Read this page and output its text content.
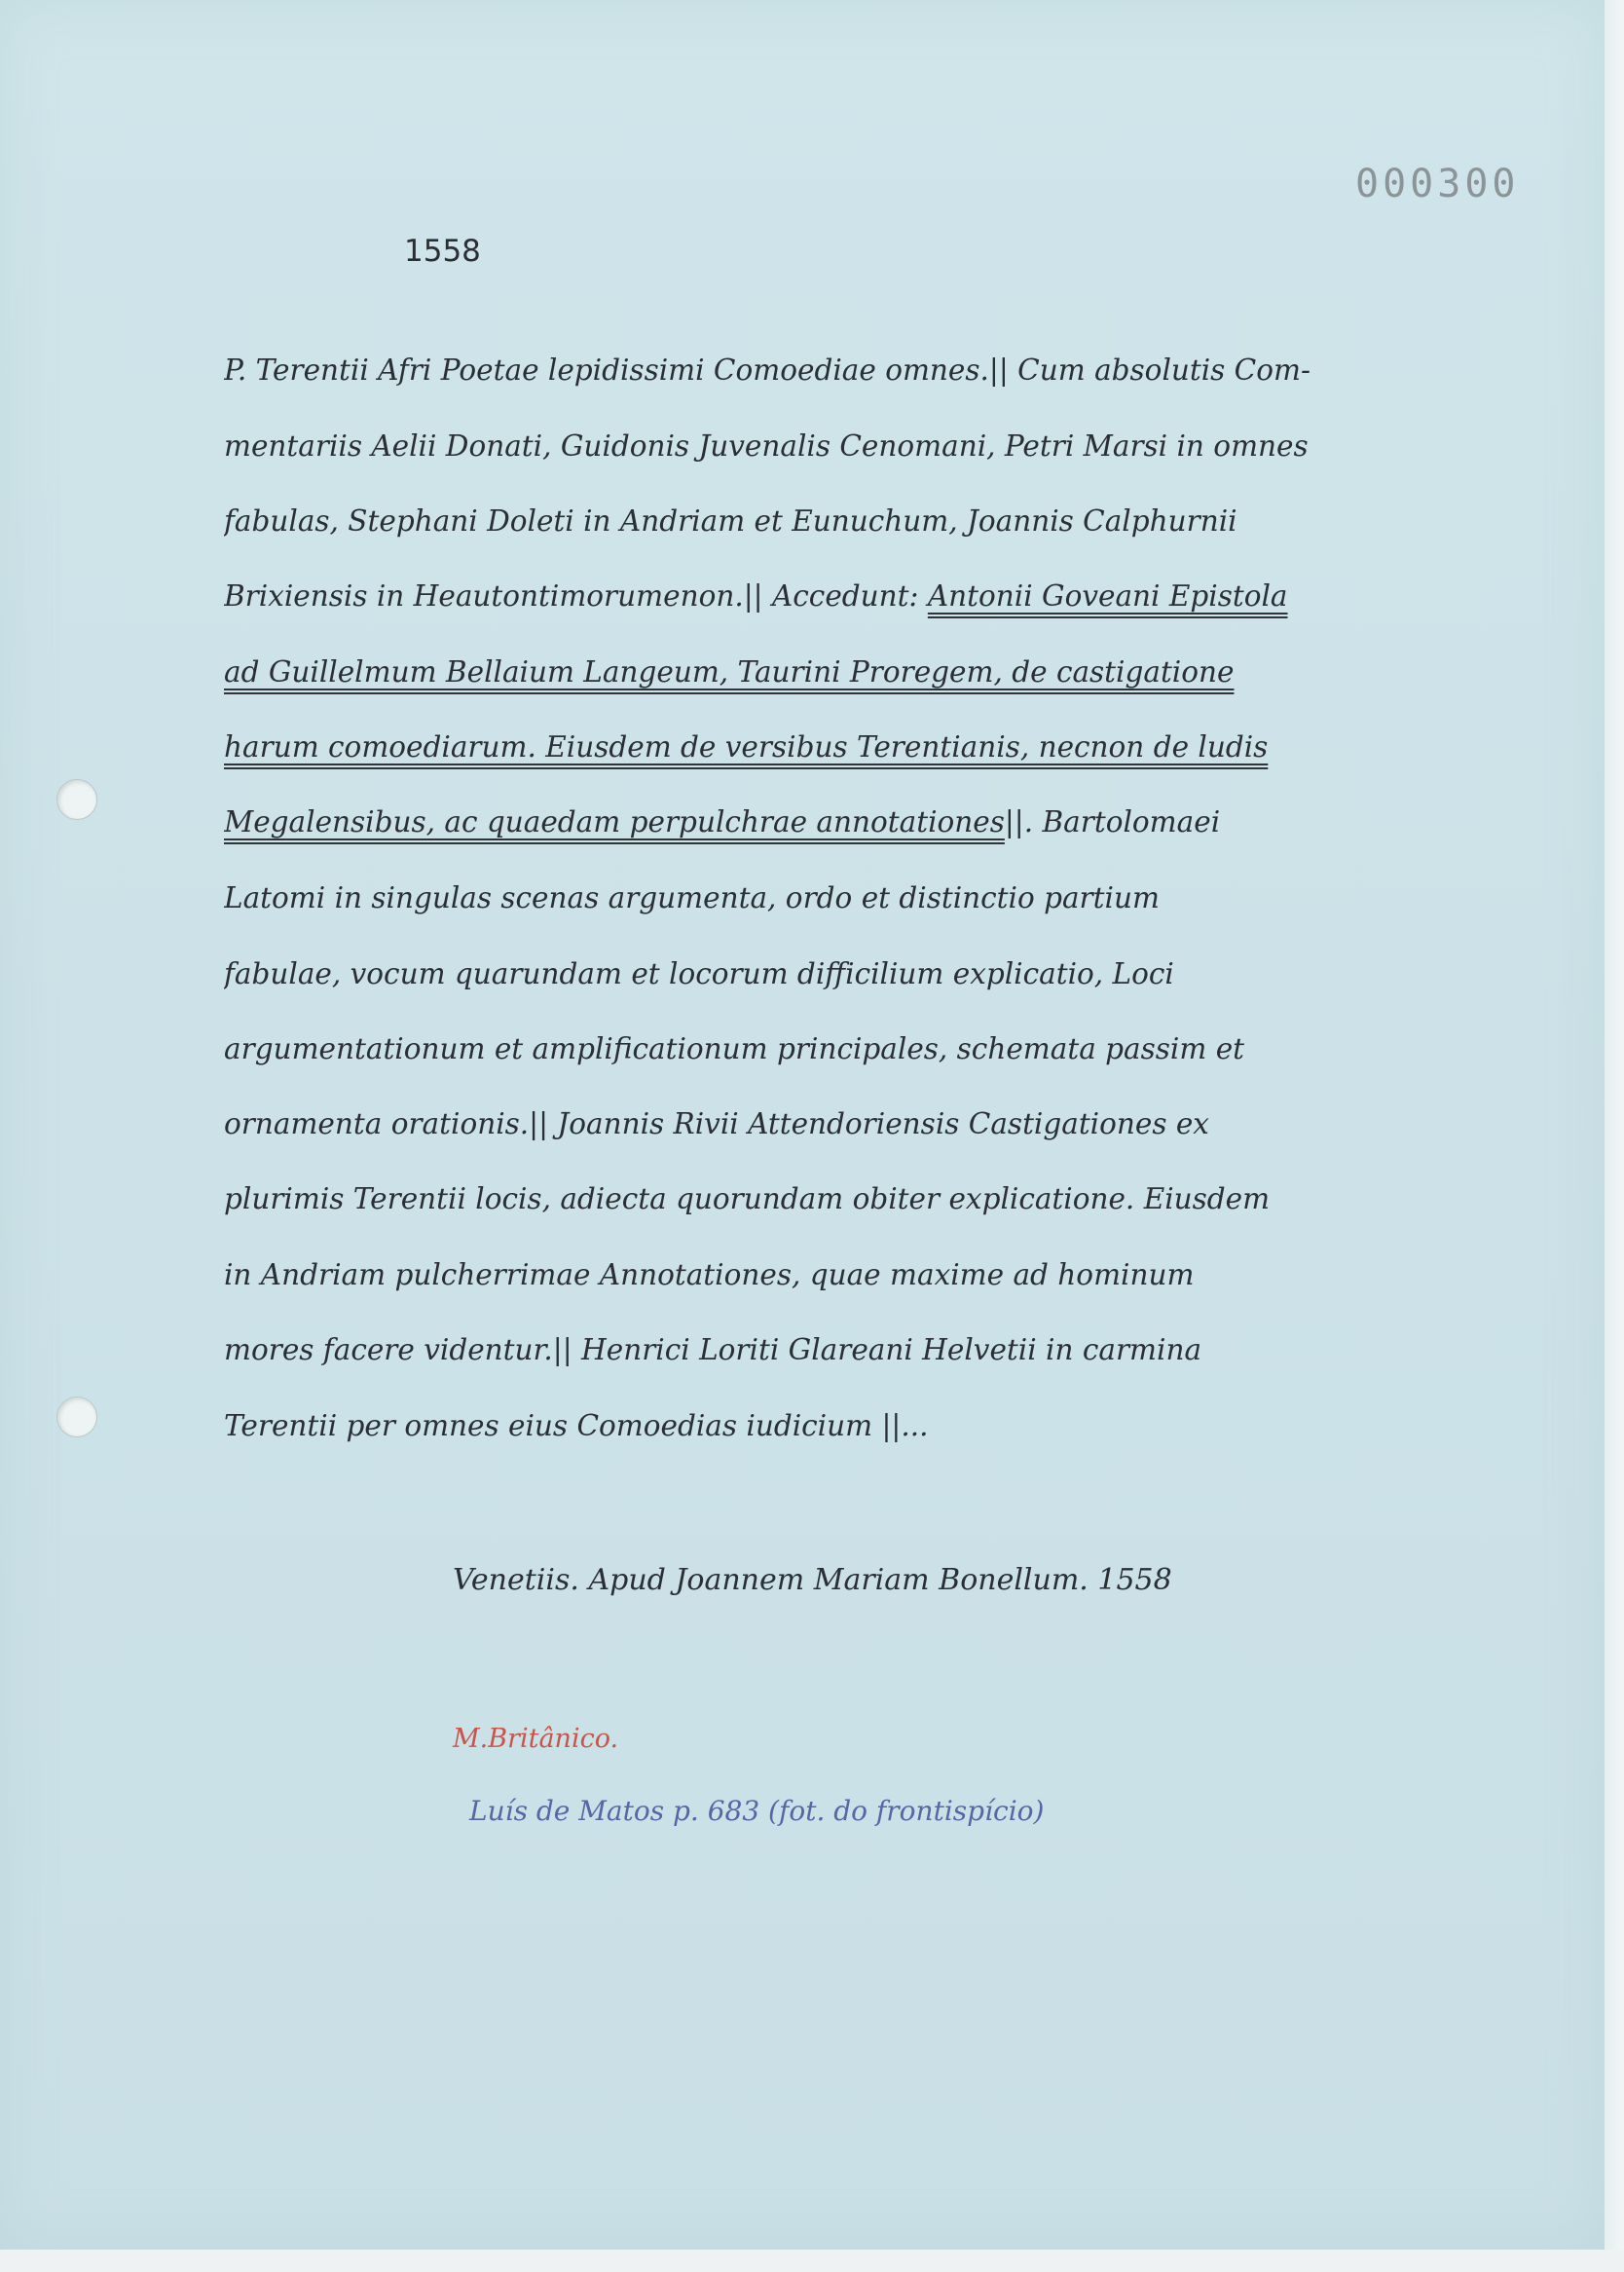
000300
1558
P. Terentii Afri Poetae lepidissimi Comoediae omnes.|| Cum absolutis Com-
mentariis Aelii Donati, Guidonis Juvenalis Cenomani, Petri Marsi in omnes
fabulas, Stephani Doleti in Andriam et Eunuchum, Joannis Calphurnii
Brixiensis in Heautontimorumenon.|| Accedunt: Antonii Goveani Epistola
ad Guillelmum Bellaium Langeum, Taurini Proregem, de castigatione
harum comoediarum. Eiusdem de versibus Terentianis, necnon de ludis
Megalensibus, ac quaedam perpulchrae annotationes||. Bartolomaei
Latomi in singulas scenas argumenta, ordo et distinctio partium
fabulae, vocum quarundam et locorum difficilium explicatio, Loci
argumentationum et amplificationum principales, schemata passim et
ornamenta orationis.|| Joannis Rivii Attendoriensis Castigationes ex
plurimis Terentii locis, adiecta quorundam obiter explicatione. Eiusdem
in Andriam pulcherrimae Annotationes, quae maxime ad hominum
mores facere videntur.|| Henrici Loriti Glareani Helvetii in carmina
Terentii per omnes eius Comoedias iudicium ||...
Venetiis. Apud Joannem Mariam Bonellum. 1558
M.Britânico.
Luís de Matos p. 683 (fot. do frontispício)
